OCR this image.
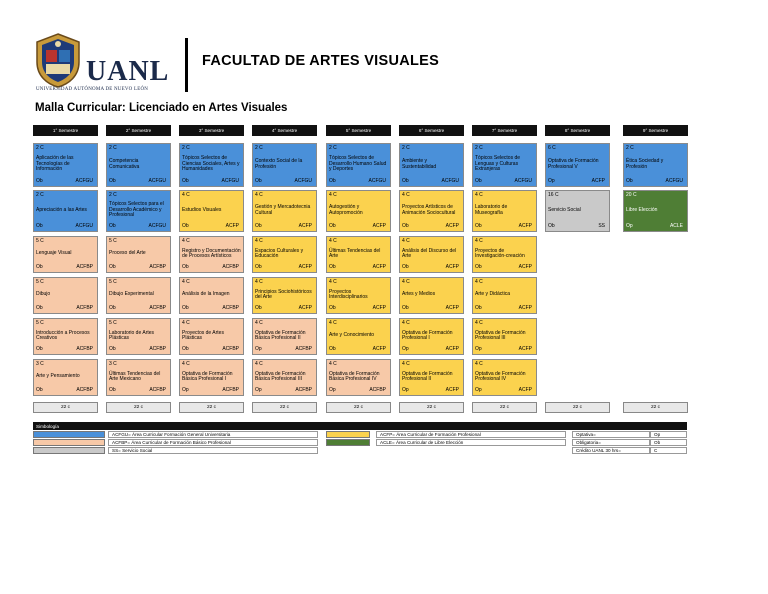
UANL
UNIVERSIDAD AUTÓNOMA DE NUEVO LEÓN
FACULTAD DE ARTES VISUALES
Malla Curricular: Licenciado en Artes Visuales
1° Semestre
2 C
Aplicación de las Tecnologías de Información
Ob	ACFGU
2 C
Apreciación a las Artes
Ob	ACFGU
5 C
Lenguaje Visual
Ob	ACFBP
5 C
Dibujo
Ob	ACFBP
5 C
Introducción a Procesos Creativos
Ob	ACFBP
3 C
Arte y Pensamiento
Ob	ACFBP
22 c
2° Semestre
2 C
Competencia Comunicativa
Ob	ACFGU
2 C
Tópicos Selectos para el Desarrollo Académico y Profesional
Ob	ACFGU
5 C
Proceso del Arte
Ob	ACFBP
5 C
Dibujo Experimental
Ob	ACFBP
5 C
Laboratorio de Artes Plásticas
Ob	ACFBP
3 C
Últimas Tendencias del Arte Mexicano
Ob	ACFBP
22 c
3° Semestre
2 C
Tópicos Selectos de Ciencias Sociales, Artes y Humanidades
Ob	ACFGU
4 C
Estudios Visuales
Ob	ACFP
4 C
Registro y Documentación de Procesos Artísticos
Ob	ACFBP
4 C
Análisis de la Imagen
Ob	ACFBP
4 C
Proyectos de Artes Plásticas
Ob	ACFBP
4 C
Optativa de Formación Básica Profesional I
Op	ACFBP
22 c
4° Semestre
2 C
Contexto Social de la Profesión
Ob	ACFGU
4 C
Gestión y Mercadotecnia Cultural
Ob	ACFP
4 C
Espacios Culturales y Educación
Ob	ACFP
4 C
Principios Sociohistóricos del Arte
Ob	ACFP
4 C
Optativa de Formación Básica Profesional II
Op	ACFBP
4 C
Optativa de Formación Básica Profesional III
Op	ACFBP
22 c
5° Semestre
2 C
Tópicos Selectos de Desarrollo Humano Salud y Deportes
Ob	ACFGU
4 C
Autogestión y Autopromoción
Ob	ACFP
4 C
Últimas Tendencias del Arte
Ob	ACFP
4 C
Proyectos Interdisciplinarios
Ob	ACFP
4 C
Arte y Conocimiento
Ob	ACFP
4 C
Optativa de Formación Básica Profesional IV
Op	ACFBP
22 c
6° Semestre
2 C
Ambiente y Sustentabilidad
Ob	ACFGU
4 C
Proyectos Artísticos de Animación Sociocultural
Ob	ACFP
4 C
Análisis del Discurso del Arte
Ob	ACFP
4 C
Artes y Medios
Ob	ACFP
4 C
Optativa de Formación Profesional I
Op	ACFP
4 C
Optativa de Formación Profesional II
Op	ACFP
22 c
7° Semestre
2 C
Tópicos Selectos de Lenguas y Culturas Extranjeras
Ob	ACFGU
4 C
Laboratorio de Museografía
Ob	ACFP
4 C
Proyectos de Investigación-creación
Ob	ACFP
4 C
Arte y Didáctica
Ob	ACFP
4 C
Optativa de Formación Profesional III
Op	ACFP
4 C
Optativa de Formación Profesional IV
Op	ACFP
22 c
8° Semestre
6 C
Optativa de Formación Profesional V
Op	ACFP
16 C
Servicio Social
Ob	SS
22 c
9° Semestre
2 C
Ética Sociedad y Profesión
Ob	ACFGU
20 C
Libre Elección
Op	ACLE
22 c
Simbología
ACFGU= Área Curricular Formación General Universitaria
ACFBP= Área Curricular de Formación Básico Profesional
SS= Servicio Social
ACFP= Área Curricular de Formación Profesional
ACLE= Área Curricular de Libre Elección
Optativa=	Op
Obligatoria=	Ob
Crédito UANL 30 hrs=	C
